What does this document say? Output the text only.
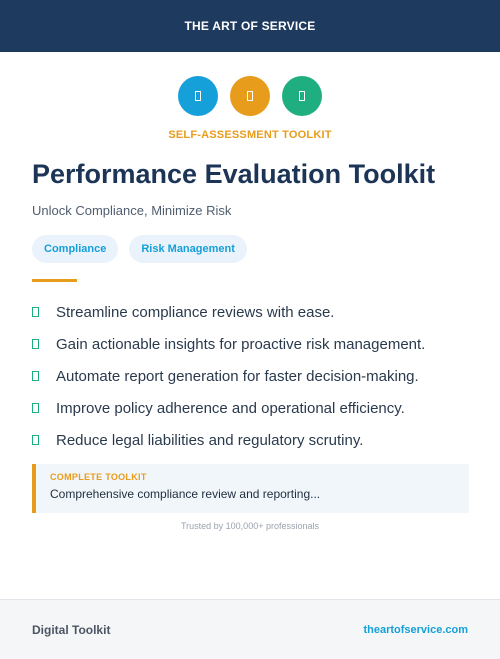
THE ART OF SERVICE
SELF-ASSESSMENT TOOLKIT
Performance Evaluation Toolkit
Unlock Compliance, Minimize Risk
Compliance	Risk Management
Streamline compliance reviews with ease.
Gain actionable insights for proactive risk management.
Automate report generation for faster decision-making.
Improve policy adherence and operational efficiency.
Reduce legal liabilities and regulatory scrutiny.
COMPLETE TOOLKIT
Comprehensive compliance review and reporting...
Trusted by 100,000+ professionals
Digital Toolkit	theartofservice.com
